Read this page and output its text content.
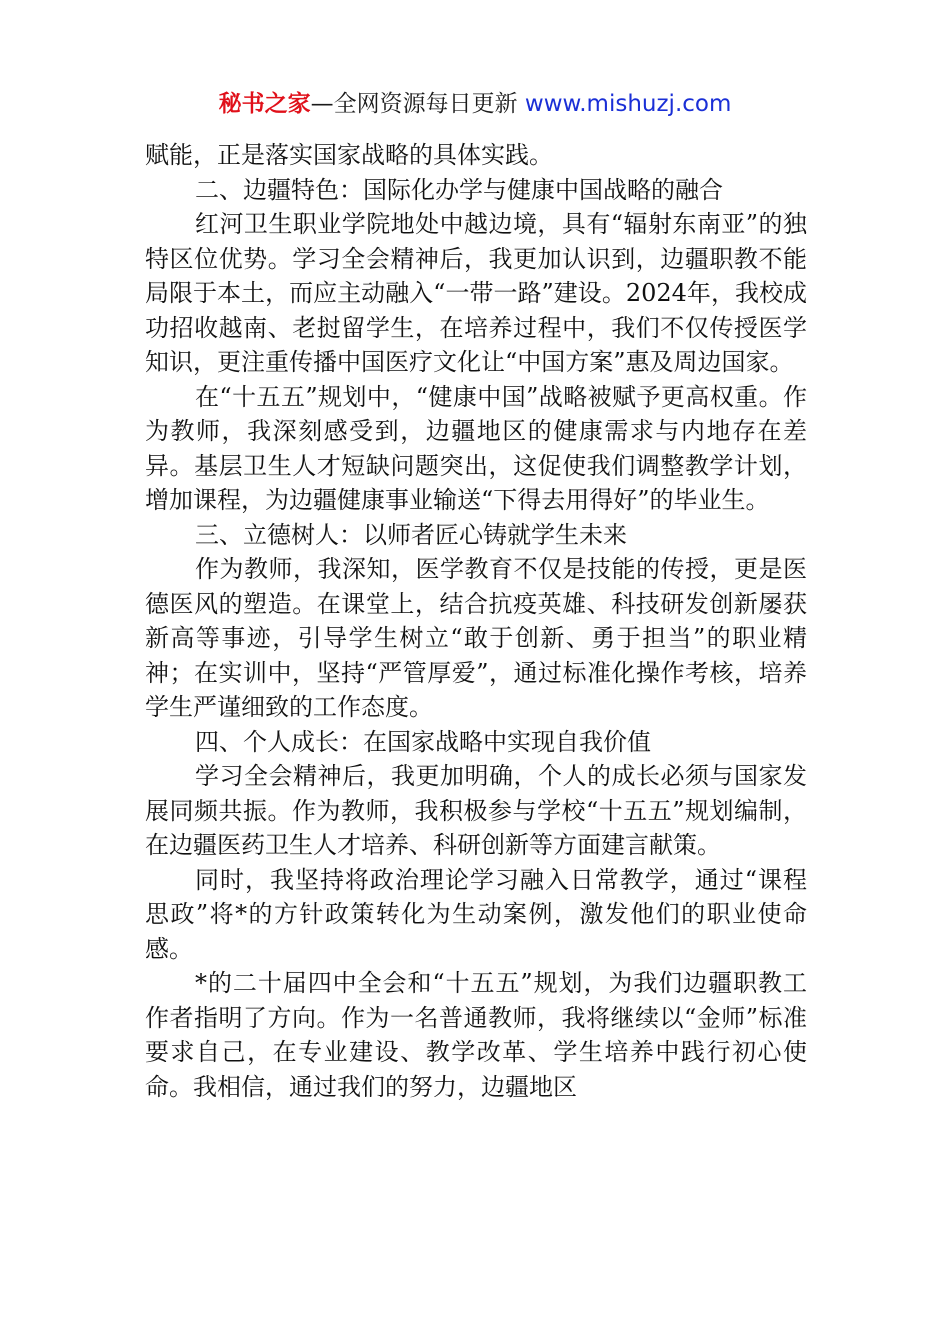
秘书之家—全网资源每日更新 www.mishuzj.com

赋能，正是落实国家战略的具体实践。

二、边疆特色：国际化办学与健康中国战略的融合

红河卫生职业学院地处中越边境，具有“辐射东南亚”的独特区位优势。学习全会精神后，我更加认识到，边疆职教不能局限于本土，而应主动融入“一带一路”建设。2024年，我校成功招收越南、老挝留学生，在培养过程中，我们不仅传授医学知识，更注重传播中国医疗文化让“中国方案”惠及周边国家。

在“十五五”规划中，“健康中国”战略被赋予更高权重。作为教师，我深刻感受到，边疆地区的健康需求与内地存在差异。基层卫生人才短缺问题突出，这促使我们调整教学计划，增加课程，为边疆健康事业输送“下得去用得好”的毕业生。

三、立德树人：以师者匠心铸就学生未来

作为教师，我深知，医学教育不仅是技能的传授，更是医德医风的塑造。在课堂上，结合抗疫英雄、科技研发创新屡获新高等事迹，引导学生树立“敢于创新、勇于担当”的职业精神；在实训中，坚持“严管厚爱”，通过标准化操作考核，培养学生严谨细致的工作态度。

四、个人成长：在国家战略中实现自我价值

学习全会精神后，我更加明确，个人的成长必须与国家发展同频共振。作为教师，我积极参与学校“十五五”规划编制，在边疆医药卫生人才培养、科研创新等方面建言献策。

同时，我坚持将政治理论学习融入日常教学，通过“课程思政”将*的方针政策转化为生动案例，激发他们的职业使命感。

*的二十届四中全会和“十五五”规划，为我们边疆职教工作者指明了方向。作为一名普通教师，我将继续以“金师”标准要求自己，在专业建设、教学改革、学生培养中践行初心使命。我相信，通过我们的努力，边疆地区
